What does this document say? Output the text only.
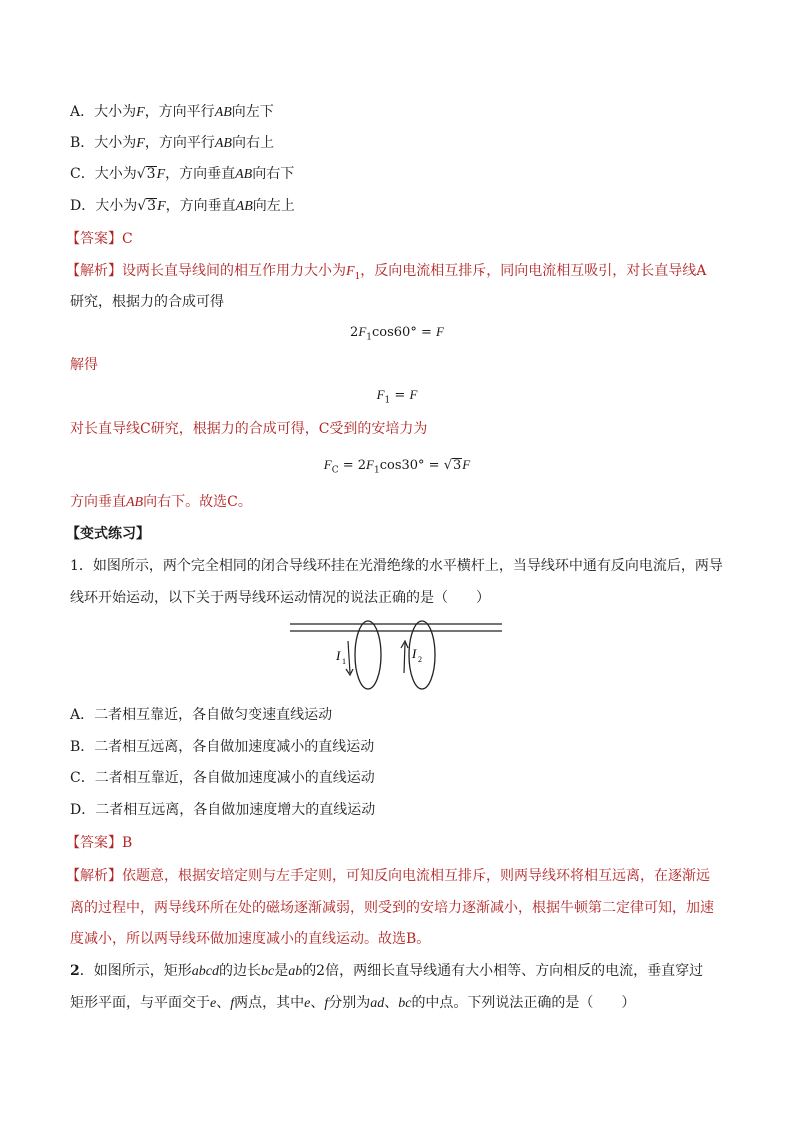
A．大小为F，方向平行AB向左下
B．大小为F，方向平行AB向右上
C．大小为√3F，方向垂直AB向右下
D．大小为√3F，方向垂直AB向左上
【答案】C
【解析】设两长直导线间的相互作用力大小为$F_1$，反向电流相互排斥，同向电流相互吸引，对长直导线A
研究，根据力的合成可得
$2F_1\cos 60^\circ = F$
解得
$F_1 = F$
对长直导线C研究，根据力的合成可得，C受到的安培力为
$F_C = 2F_1\cos 30^\circ = √3F$
方向垂直AB向右下。故选C。
【变式练习】
1．如图所示，两个完全相同的闭合导线环挂在光滑绝缘的水平横杆上，当导线环中通有反向电流后，两导
线环开始运动，以下关于两导线环运动情况的说法正确的是（　　）
I 1
I 2
A．二者相互靠近，各自做匀变速直线运动
B．二者相互远离，各自做加速度减小的直线运动
C．二者相互靠近，各自做加速度减小的直线运动
D．二者相互远离，各自做加速度增大的直线运动
【答案】B
【解析】依题意，根据安培定则与左手定则，可知反向电流相互排斥，则两导线环将相互远离，在逐渐远
离的过程中，两导线环所在处的磁场逐渐减弱，则受到的安培力逐渐减小，根据牛顿第二定律可知，加速
度减小，所以两导线环做加速度减小的直线运动。故选B。
2．如图所示，矩形abcd的边长bc是ab的2倍，两细长直导线通有大小相等、方向相反的电流，垂直穿过
矩形平面，与平面交于e、f两点，其中e、f分别为ad、bc的中点。下列说法正确的是（　　）
